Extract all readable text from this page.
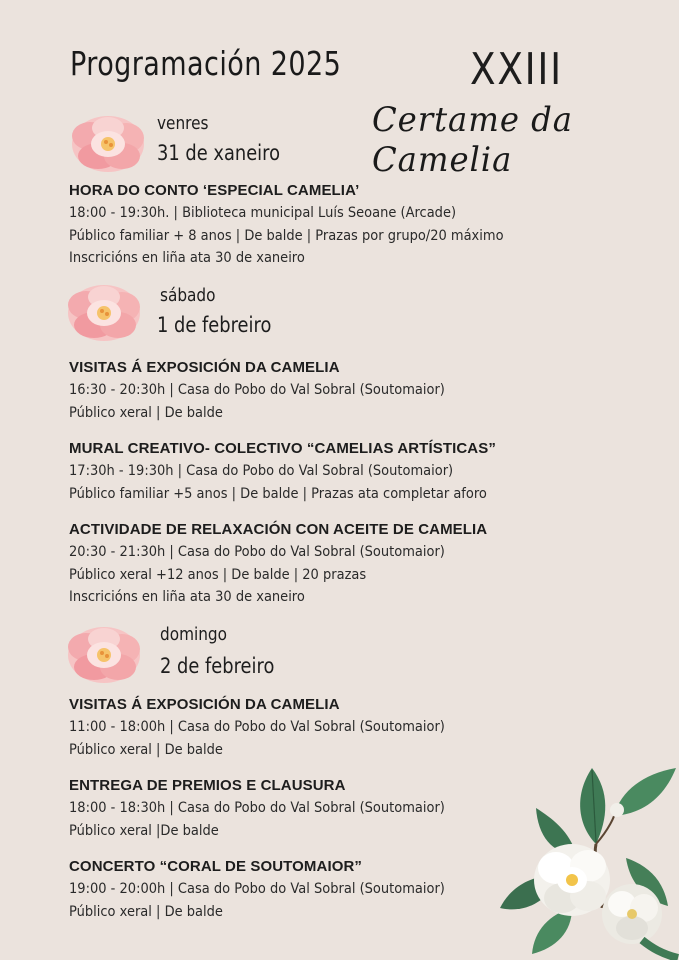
Programación 2025	XXIII
Certame da Camelia
venres
31 de xaneiro
HORA DO CONTO ‘ESPECIAL CAMELIA’
18:00 - 19:30h. | Biblioteca municipal Luís Seoane (Arcade)
Público familiar + 8 anos | De balde | Prazas por grupo/20 máximo
Inscricións en liña ata 30 de xaneiro
sábado
1 de febreiro
VISITAS Á EXPOSICIÓN DA CAMELIA
16:30 - 20:30h | Casa do Pobo do Val Sobral (Soutomaior)
Público xeral | De balde
MURAL CREATIVO- COLECTIVO “CAMELIAS ARTÍSTICAS”
17:30h - 19:30h | Casa do Pobo do Val Sobral (Soutomaior)
Público familiar +5 anos | De balde | Prazas ata completar aforo
ACTIVIDADE DE RELAXACIÓN CON ACEITE DE CAMELIA
20:30 - 21:30h | Casa do Pobo do Val Sobral (Soutomaior)
Público xeral +12 anos | De balde | 20 prazas
Inscricións en liña ata 30 de xaneiro
domingo
2 de febreiro
VISITAS Á EXPOSICIÓN DA CAMELIA
11:00 - 18:00h | Casa do Pobo do Val Sobral (Soutomaior)
Público xeral | De balde
ENTREGA DE PREMIOS E CLAUSURA
18:00 - 18:30h | Casa do Pobo do Val Sobral (Soutomaior)
Público xeral |De balde
CONCERTO “CORAL DE SOUTOMAIOR”
19:00 - 20:00h | Casa do Pobo do Val Sobral (Soutomaior)
Público xeral | De balde
